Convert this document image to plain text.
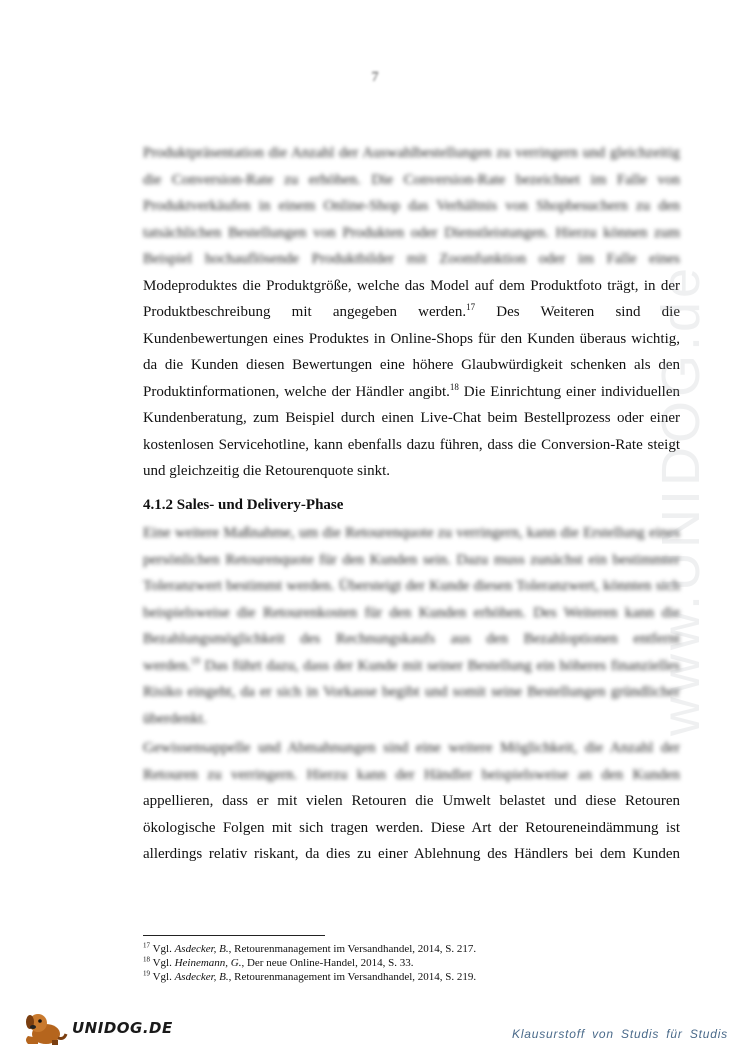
7
Produktpräsentation die Anzahl der Auswahlbestellungen zu verringern und gleichzeitig
die Conversion-Rate zu erhöhen. Die Conversion-Rate bezeichnet im Falle von
Produktverkäufen in einem Online-Shop das Verhältnis von Shopbesuchern zu den
tatsächlichen Bestellungen von Produkten oder Dienstleistungen. Hierzu können zum
Beispiel hochauflösende Produktbilder mit Zoomfunktion oder im Falle eines
Modeproduktes die Produktgröße, welche das Model auf dem Produktfoto trägt, in der
Produktbeschreibung mit angegeben werden.$^{17}$ Des Weiteren sind die
Kundenbewertungen eines Produktes in Online-Shops für den Kunden überaus wichtig,
da die Kunden diesen Bewertungen eine höhere Glaubwürdigkeit schenken als den
Produktinformationen, welche der Händler angibt.$^{18}$ Die Einrichtung einer individuellen
Kundenberatung, zum Beispiel durch einen Live-Chat beim Bestellprozess oder einer
kostenlosen Servicehotline, kann ebenfalls dazu führen, dass die Conversion-Rate steigt
und gleichzeitig die Retourenquote sinkt.
4.1.2 Sales- und Delivery-Phase
Eine weitere Maßnahme, um die Retourenquote zu verringern, kann die Erstellung eines
persönlichen Retourenquote für den Kunden sein. Dazu muss zunächst ein bestimmter
Toleranzwert bestimmt werden. Übersteigt der Kunde diesen Toleranzwert, könnten sich
beispielsweise die Retourenkosten für den Kunden erhöhen. Des Weiteren kann die
Bezahlungsmöglichkeit des Rechnungskaufs aus den Bezahloptionen entfernt
werden.$^{19}$ Das führt dazu, dass der Kunde mit seiner Bestellung ein höheres finanzielles
Risiko eingeht, da er sich in Vorkasse begibt und somit seine Bestellungen gründlicher
überdenkt.
Gewissensappelle und Abmahnungen sind eine weitere Möglichkeit, die Anzahl der
Retouren zu verringern. Hierzu kann der Händler beispielsweise an den Kunden
appellieren, dass er mit vielen Retouren die Umwelt belastet und diese Retouren
ökologische Folgen mit sich tragen werden. Diese Art der Retoureneindämmung ist
allerdings relativ riskant, da dies zu einer Ablehnung des Händlers bei dem Kunden
$^{17}$ Vgl. Asdecker, B., Retourenmanagement im Versandhandel, 2014, S. 217.
$^{18}$ Vgl. Heinemann, G., Der neue Online-Handel, 2014, S. 33.
$^{19}$ Vgl. Asdecker, B., Retourenmanagement im Versandhandel, 2014, S. 219.
www.UNIDOG.de
UNIDOG.DE	Klausurstoff von Studis für Studis
